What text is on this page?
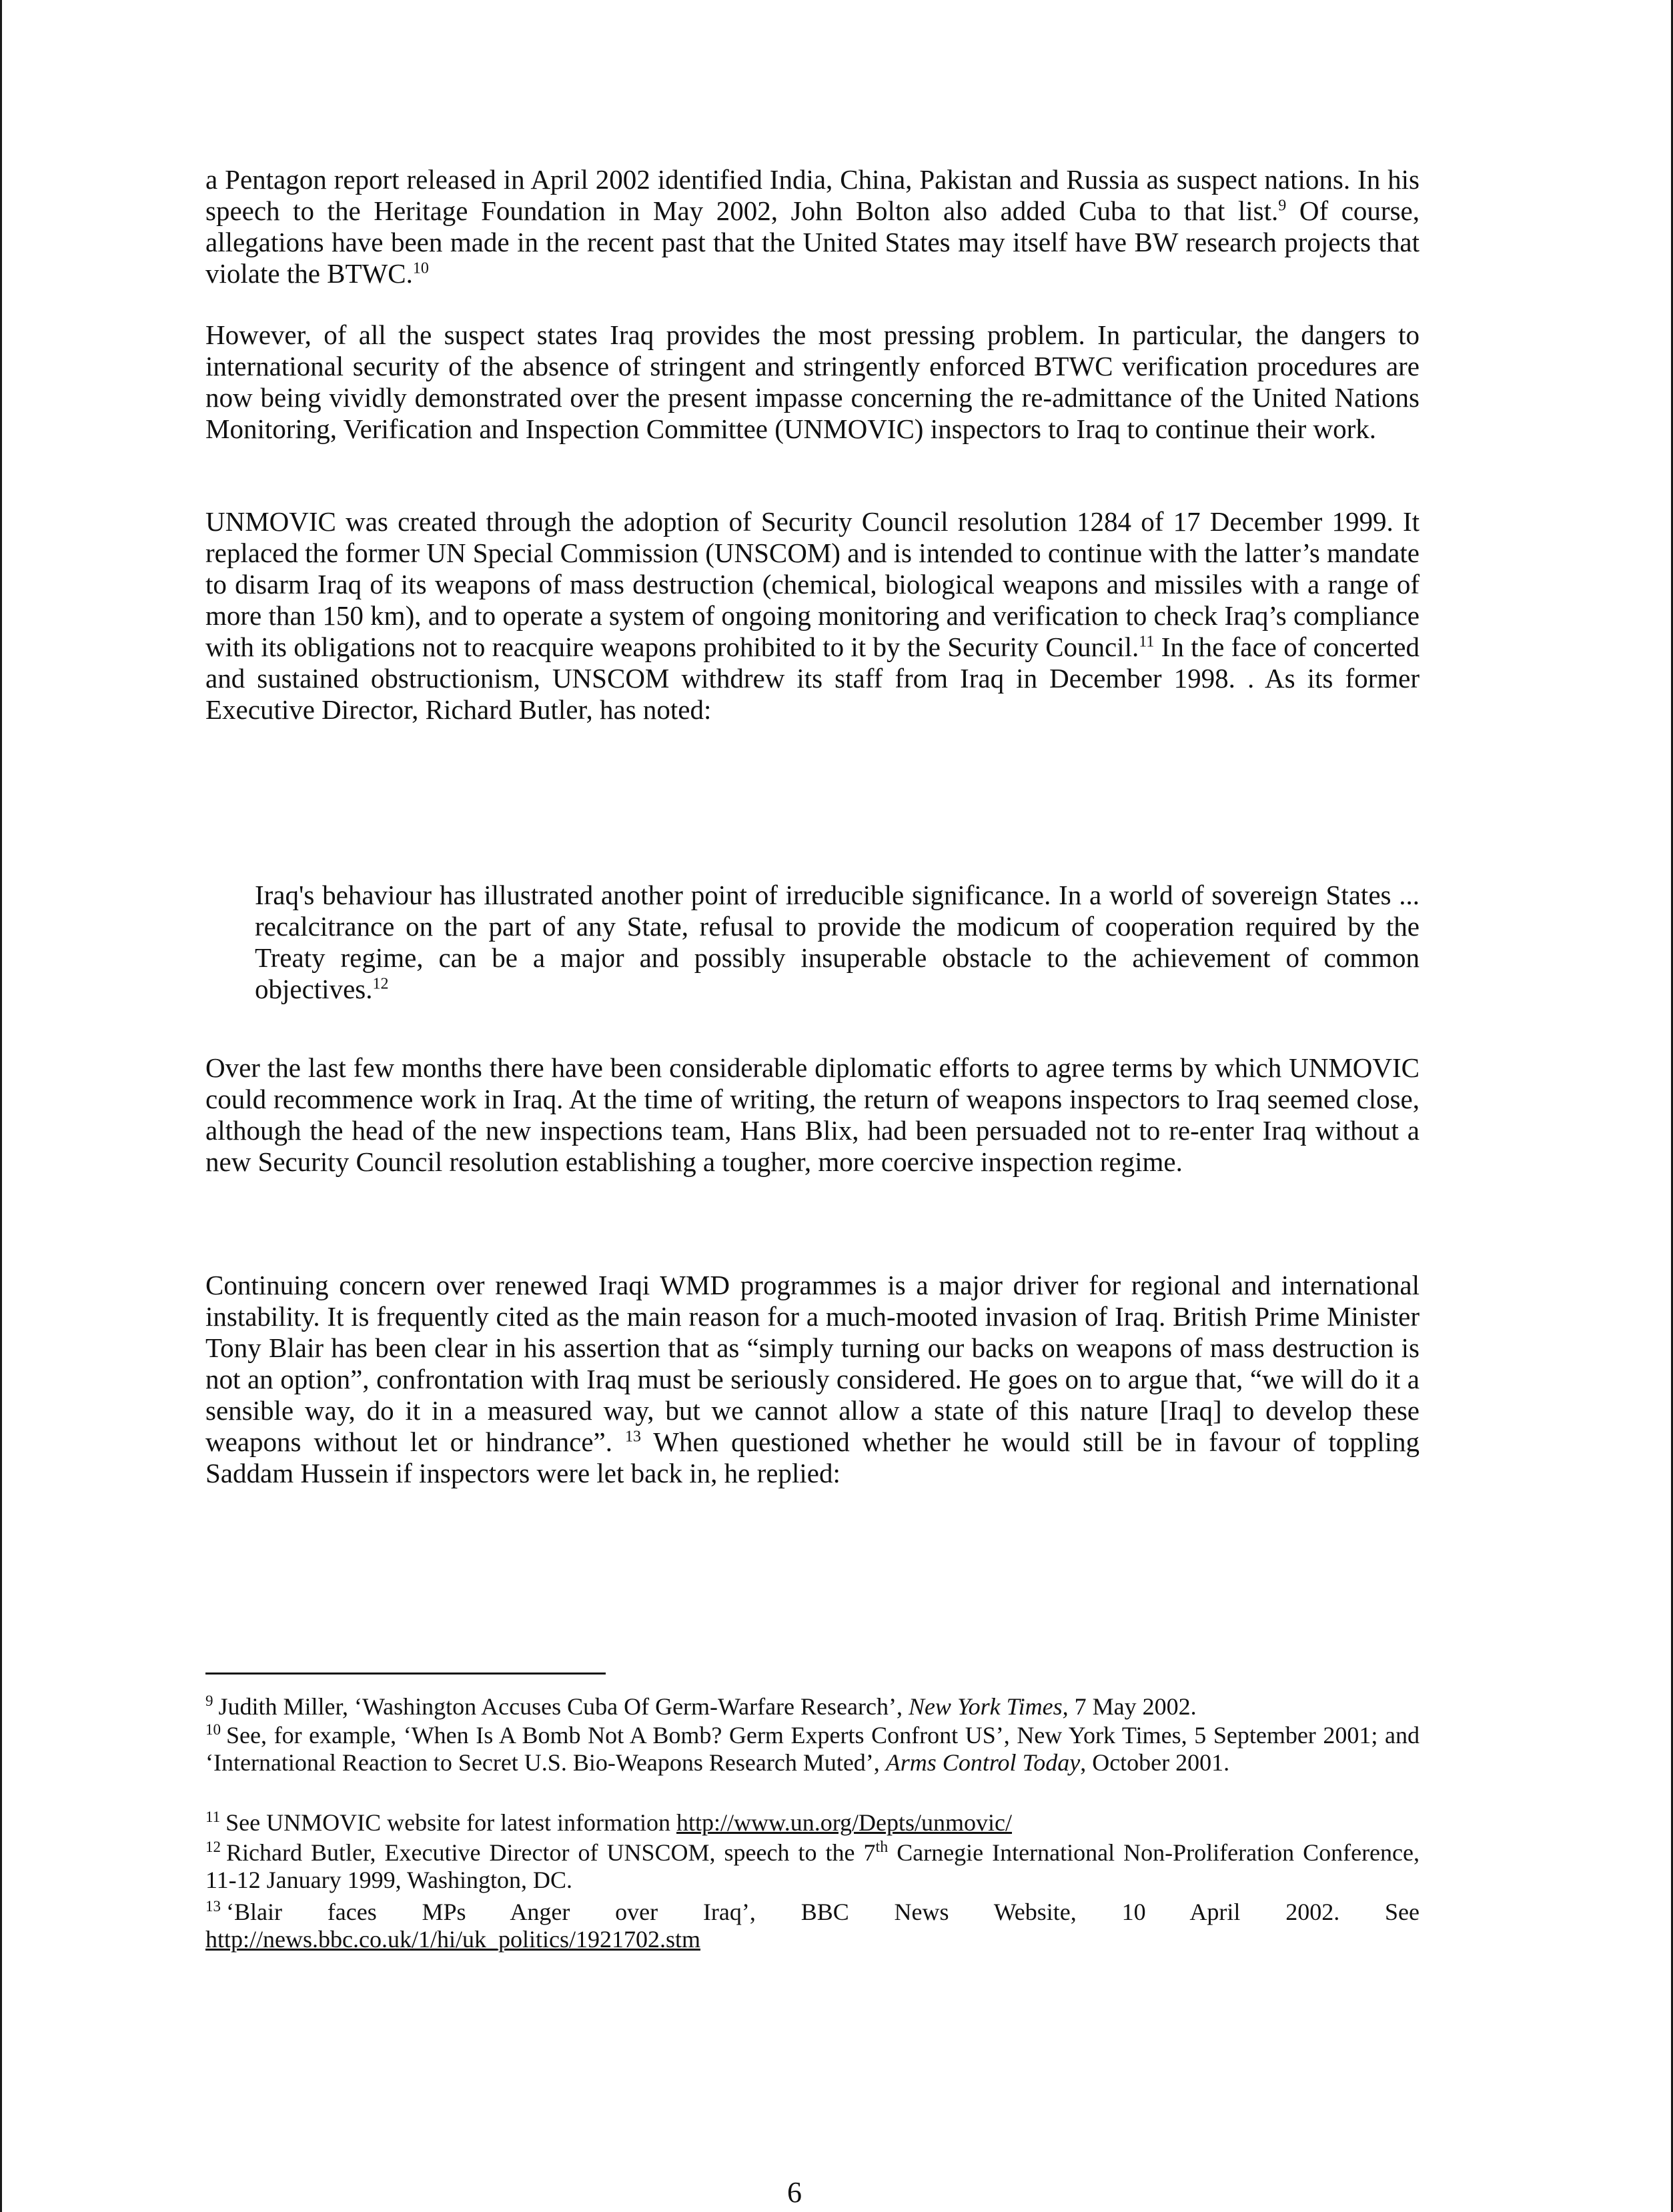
a Pentagon report released in April 2002 identified India, China, Pakistan and Russia as suspect nations. In his speech to the Heritage Foundation in May 2002, John Bolton also added Cuba to that list.$^9$ Of course, allegations have been made in the recent past that the United States may itself have BW research projects that violate the BTWC.$^{10}$

However, of all the suspect states Iraq provides the most pressing problem. In particular, the dangers to international security of the absence of stringent and stringently enforced BTWC verification procedures are now being vividly demonstrated over the present impasse concerning the re-admittance of the United Nations Monitoring, Verification and Inspection Committee (UNMOVIC) inspectors to Iraq to continue their work.

UNMOVIC was created through the adoption of Security Council resolution 1284 of 17 December 1999. It replaced the former UN Special Commission (UNSCOM) and is intended to continue with the latter’s mandate to disarm Iraq of its weapons of mass destruction (chemical, biological weapons and missiles with a range of more than 150 km), and to operate a system of ongoing monitoring and verification to check Iraq’s compliance with its obligations not to reacquire weapons prohibited to it by the Security Council.$^{11}$ In the face of concerted and sustained obstructionism, UNSCOM withdrew its staff from Iraq in December 1998. . As its former Executive Director, Richard Butler, has noted:

Iraq's behaviour has illustrated another point of irreducible significance. In a world of sovereign States ... recalcitrance on the part of any State, refusal to provide the modicum of cooperation required by the Treaty regime, can be a major and possibly insuperable obstacle to the achievement of common objectives.$^{12}$

Over the last few months there have been considerable diplomatic efforts to agree terms by which UNMOVIC could recommence work in Iraq. At the time of writing, the return of weapons inspectors to Iraq seemed close, although the head of the new inspections team, Hans Blix, had been persuaded not to re-enter Iraq without a new Security Council resolution establishing a tougher, more coercive inspection regime.

Continuing concern over renewed Iraqi WMD programmes is a major driver for regional and international instability. It is frequently cited as the main reason for a much-mooted invasion of Iraq. British Prime Minister Tony Blair has been clear in his assertion that as “simply turning our backs on weapons of mass destruction is not an option”, confrontation with Iraq must be seriously considered. He goes on to argue that, “we will do it a sensible way, do it in a measured way, but we cannot allow a state of this nature [Iraq] to develop these weapons without let or hindrance”. $^{13}$ When questioned whether he would still be in favour of toppling Saddam Hussein if inspectors were let back in, he replied:

$^9$ Judith Miller, ‘Washington Accuses Cuba Of Germ-Warfare Research’, New York Times, 7 May 2002.

$^{10}$ See, for example, ‘When Is A Bomb Not A Bomb? Germ Experts Confront US’, New York Times, 5 September 2001; and ‘International Reaction to Secret U.S. Bio-Weapons Research Muted’, Arms Control Today, October 2001.

$^{11}$ See UNMOVIC website for latest information http://www.un.org/Depts/unmovic/

$^{12}$ Richard Butler, Executive Director of UNSCOM, speech to the 7th Carnegie International Non-Proliferation Conference, 11-12 January 1999, Washington, DC.

$^{13}$ ‘Blair faces MPs Anger over Iraq’, BBC News Website, 10 April 2002. See http://news.bbc.co.uk/1/hi/uk_politics/1921702.stm

6
